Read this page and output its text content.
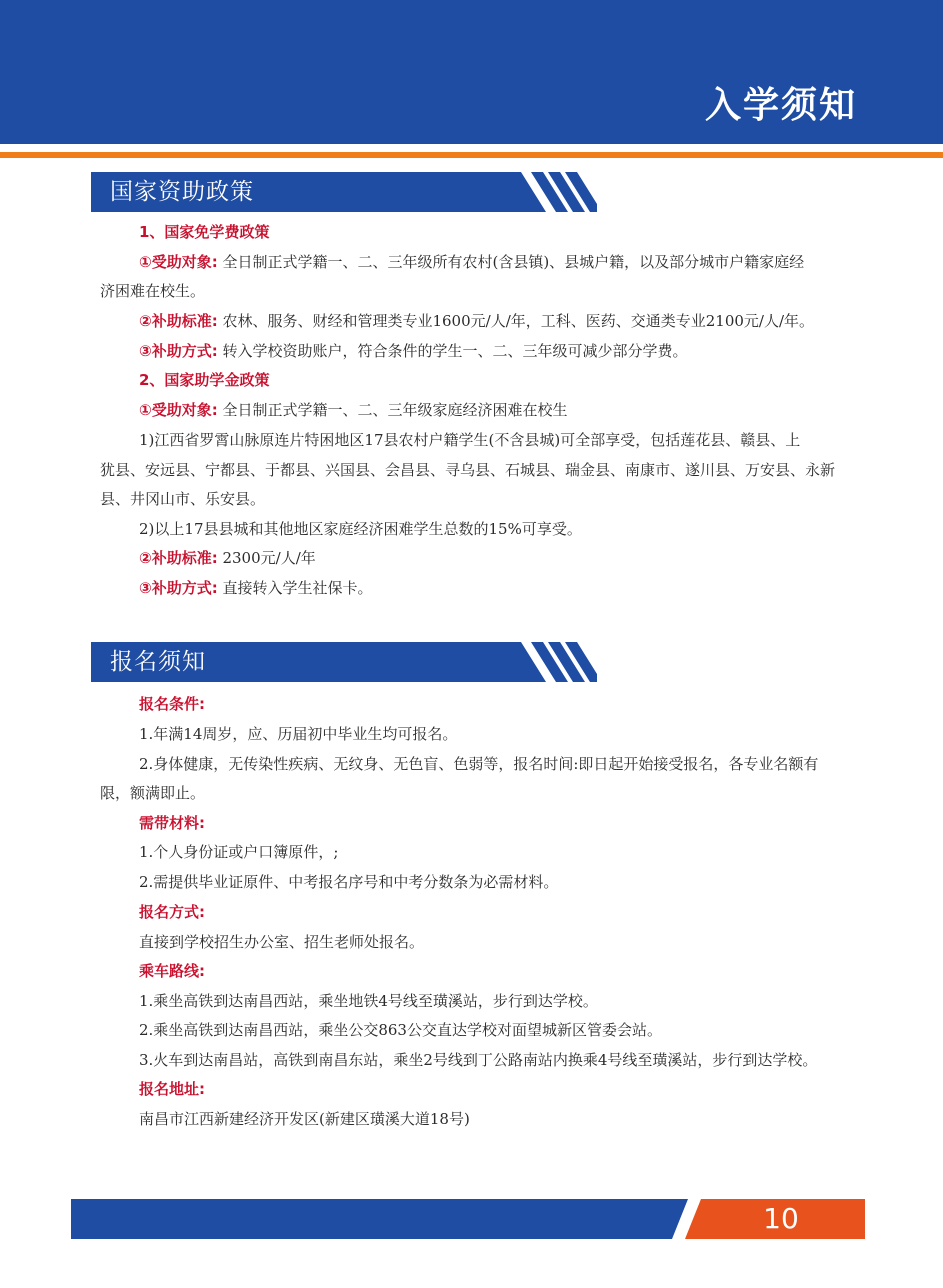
入学须知
国家资助政策
1、国家免学费政策
①受助对象: 全日制正式学籍一、二、三年级所有农村(含县镇)、县城户籍，以及部分城市户籍家庭经
济困难在校生。
②补助标准: 农林、服务、财经和管理类专业1600元/人/年，工科、医药、交通类专业2100元/人/年。
③补助方式: 转入学校资助账户，符合条件的学生一、二、三年级可减少部分学费。
2、国家助学金政策
①受助对象: 全日制正式学籍一、二、三年级家庭经济困难在校生
1)江西省罗霄山脉原连片特困地区17县农村户籍学生(不含县城)可全部享受，包括莲花县、赣县、上
犹县、安远县、宁都县、于都县、兴国县、会昌县、寻乌县、石城县、瑞金县、南康市、遂川县、万安县、永新
县、井冈山市、乐安县。
2)以上17县县城和其他地区家庭经济困难学生总数的15%可享受。
②补助标准: 2300元/人/年
③补助方式: 直接转入学生社保卡。
报名须知
报名条件:
1.年满14周岁，应、历届初中毕业生均可报名。
2.身体健康，无传染性疾病、无纹身、无色盲、色弱等，报名时间:即日起开始接受报名，各专业名额有
限，额满即止。
需带材料:
1.个人身份证或户口簿原件，;
2.需提供毕业证原件、中考报名序号和中考分数条为必需材料。
报名方式:
直接到学校招生办公室、招生老师处报名。
乘车路线:
1.乘坐高铁到达南昌西站，乘坐地铁4号线至璜溪站，步行到达学校。
2.乘坐高铁到达南昌西站，乘坐公交863公交直达学校对面望城新区管委会站。
3.火车到达南昌站，高铁到南昌东站，乘坐2号线到丁公路南站内换乘4号线至璜溪站，步行到达学校。
报名地址:
南昌市江西新建经济开发区(新建区璜溪大道18号)
10
